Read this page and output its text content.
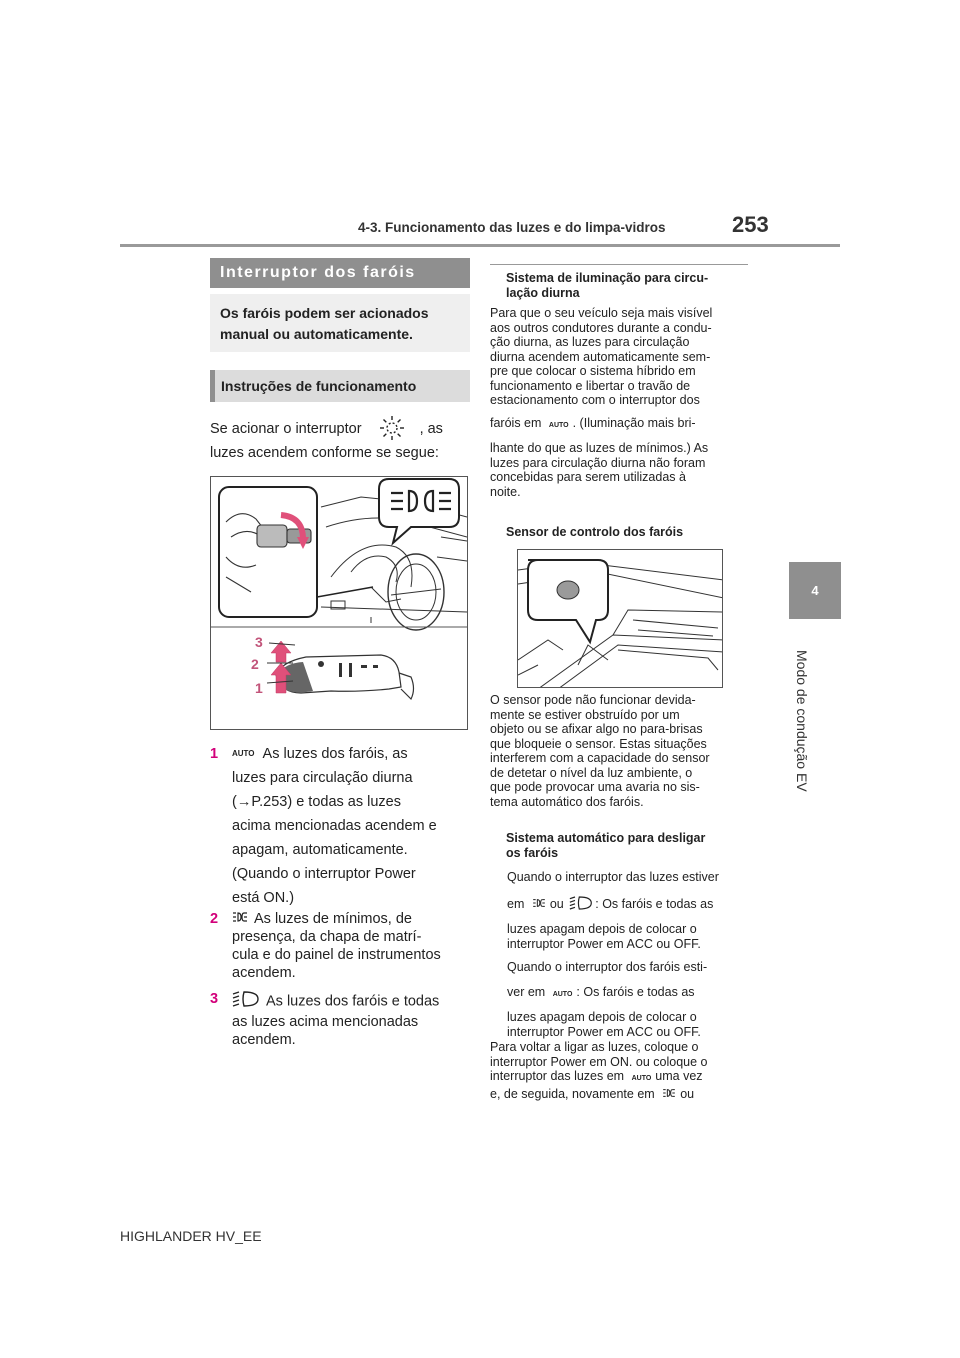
4-3. Funcionamento das luzes e do limpa-vidros	253
4
Modo de condução EV
Interruptor dos faróis
Os faróis podem ser acionados
manual ou automaticamente.
Instruções de funcionamento
Se acionar o interruptor	, as
luzes acendem conforme se segue:
3
2
1
1 AUTO As luzes dos faróis, as
luzes para circulação diurna
(→P.253) e todas as luzes
acima mencionadas acendem e
apagam, automaticamente.
(Quando o interruptor Power
está ON.)
2	As luzes de mínimos, de
presença, da chapa de matrí-
cula e do painel de instrumentos
acendem.
3	As luzes dos faróis e todas
as luzes acima mencionadas
acendem.
Sistema de iluminação para circu-
lação diurna
Para que o seu veículo seja mais visível
aos outros condutores durante a condu-
ção diurna, as luzes para circulação
diurna acendem automaticamente sem-
pre que colocar o sistema híbrido em
funcionamento e libertar o travão de
estacionamento com o interruptor dos
faróis em AUTO . (Iluminação mais bri-
lhante do que as luzes de mínimos.) As
luzes para circulação diurna não foram
concebidas para serem utilizadas à
noite.
Sensor de controlo dos faróis
O sensor pode não funcionar devida-
mente se estiver obstruído por um
objeto ou se afixar algo no para-brisas
que bloqueie o sensor. Estas situações
interferem com a capacidade do sensor
de detetar o nível da luz ambiente, o
que pode provocar uma avaria no sis-
tema automático dos faróis.
Sistema automático para desligar
os faróis
Quando o interruptor das luzes estiver
em ou	: Os faróis e todas as
luzes apagam depois de colocar o
interruptor Power em ACC ou OFF.
Quando o interruptor dos faróis esti-
ver em AUTO : Os faróis e todas as
luzes apagam depois de colocar o
interruptor Power em ACC ou OFF.
Para voltar a ligar as luzes, coloque o
interruptor Power em ON. ou coloque o
interruptor das luzes em AUTO uma vez
e, de seguida, novamente em ou
HIGHLANDER HV_EE
